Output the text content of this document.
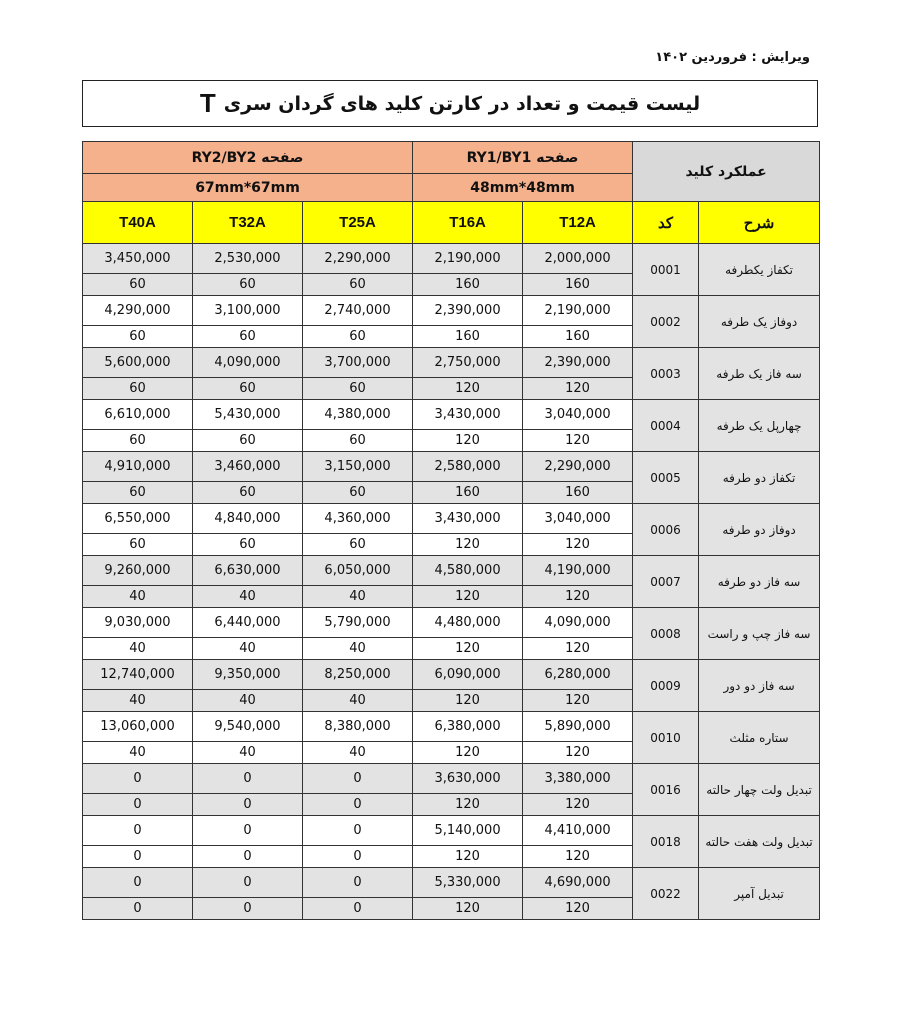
ویرایش : فروردین ۱۴۰۲
لیست قیمت و تعداد در کارتن کلید های گردان سری
T
صفحه RY2/BY2			صفحه RY1/BY1		عملکرد کلید	
67mm*67mm			48mm*48mm			
T40A	T32A	T25A	T16A	T12A	کد	شرح
3,450,000	2,530,000	2,290,000	2,190,000	2,000,000	0001	تکفاز یکطرفه
60	60	60	160	160		
4,290,000	3,100,000	2,740,000	2,390,000	2,190,000	0002	دوفاز یک طرفه
60	60	60	160	160		
5,600,000	4,090,000	3,700,000	2,750,000	2,390,000	0003	سه فاز یک طرفه
60	60	60	120	120		
6,610,000	5,430,000	4,380,000	3,430,000	3,040,000	0004	چهارپل یک طرفه
60	60	60	120	120		
4,910,000	3,460,000	3,150,000	2,580,000	2,290,000	0005	تکفاز دو طرفه
60	60	60	160	160		
6,550,000	4,840,000	4,360,000	3,430,000	3,040,000	0006	دوفاز دو طرفه
60	60	60	120	120		
9,260,000	6,630,000	6,050,000	4,580,000	4,190,000	0007	سه فاز دو طرفه
40	40	40	120	120		
9,030,000	6,440,000	5,790,000	4,480,000	4,090,000	0008	سه فاز چپ و راست
40	40	40	120	120		
12,740,000	9,350,000	8,250,000	6,090,000	6,280,000	0009	سه فاز دو دور
40	40	40	120	120		
13,060,000	9,540,000	8,380,000	6,380,000	5,890,000	0010	ستاره مثلث
40	40	40	120	120		
0	0	0	3,630,000	3,380,000	0016	تبدیل ولت چهار حالته
0	0	0	120	120		
0	0	0	5,140,000	4,410,000	0018	تبدیل ولت هفت حالته
0	0	0	120	120		
0	0	0	5,330,000	4,690,000	0022	تبدیل آمپر
0	0	0	120	120		
